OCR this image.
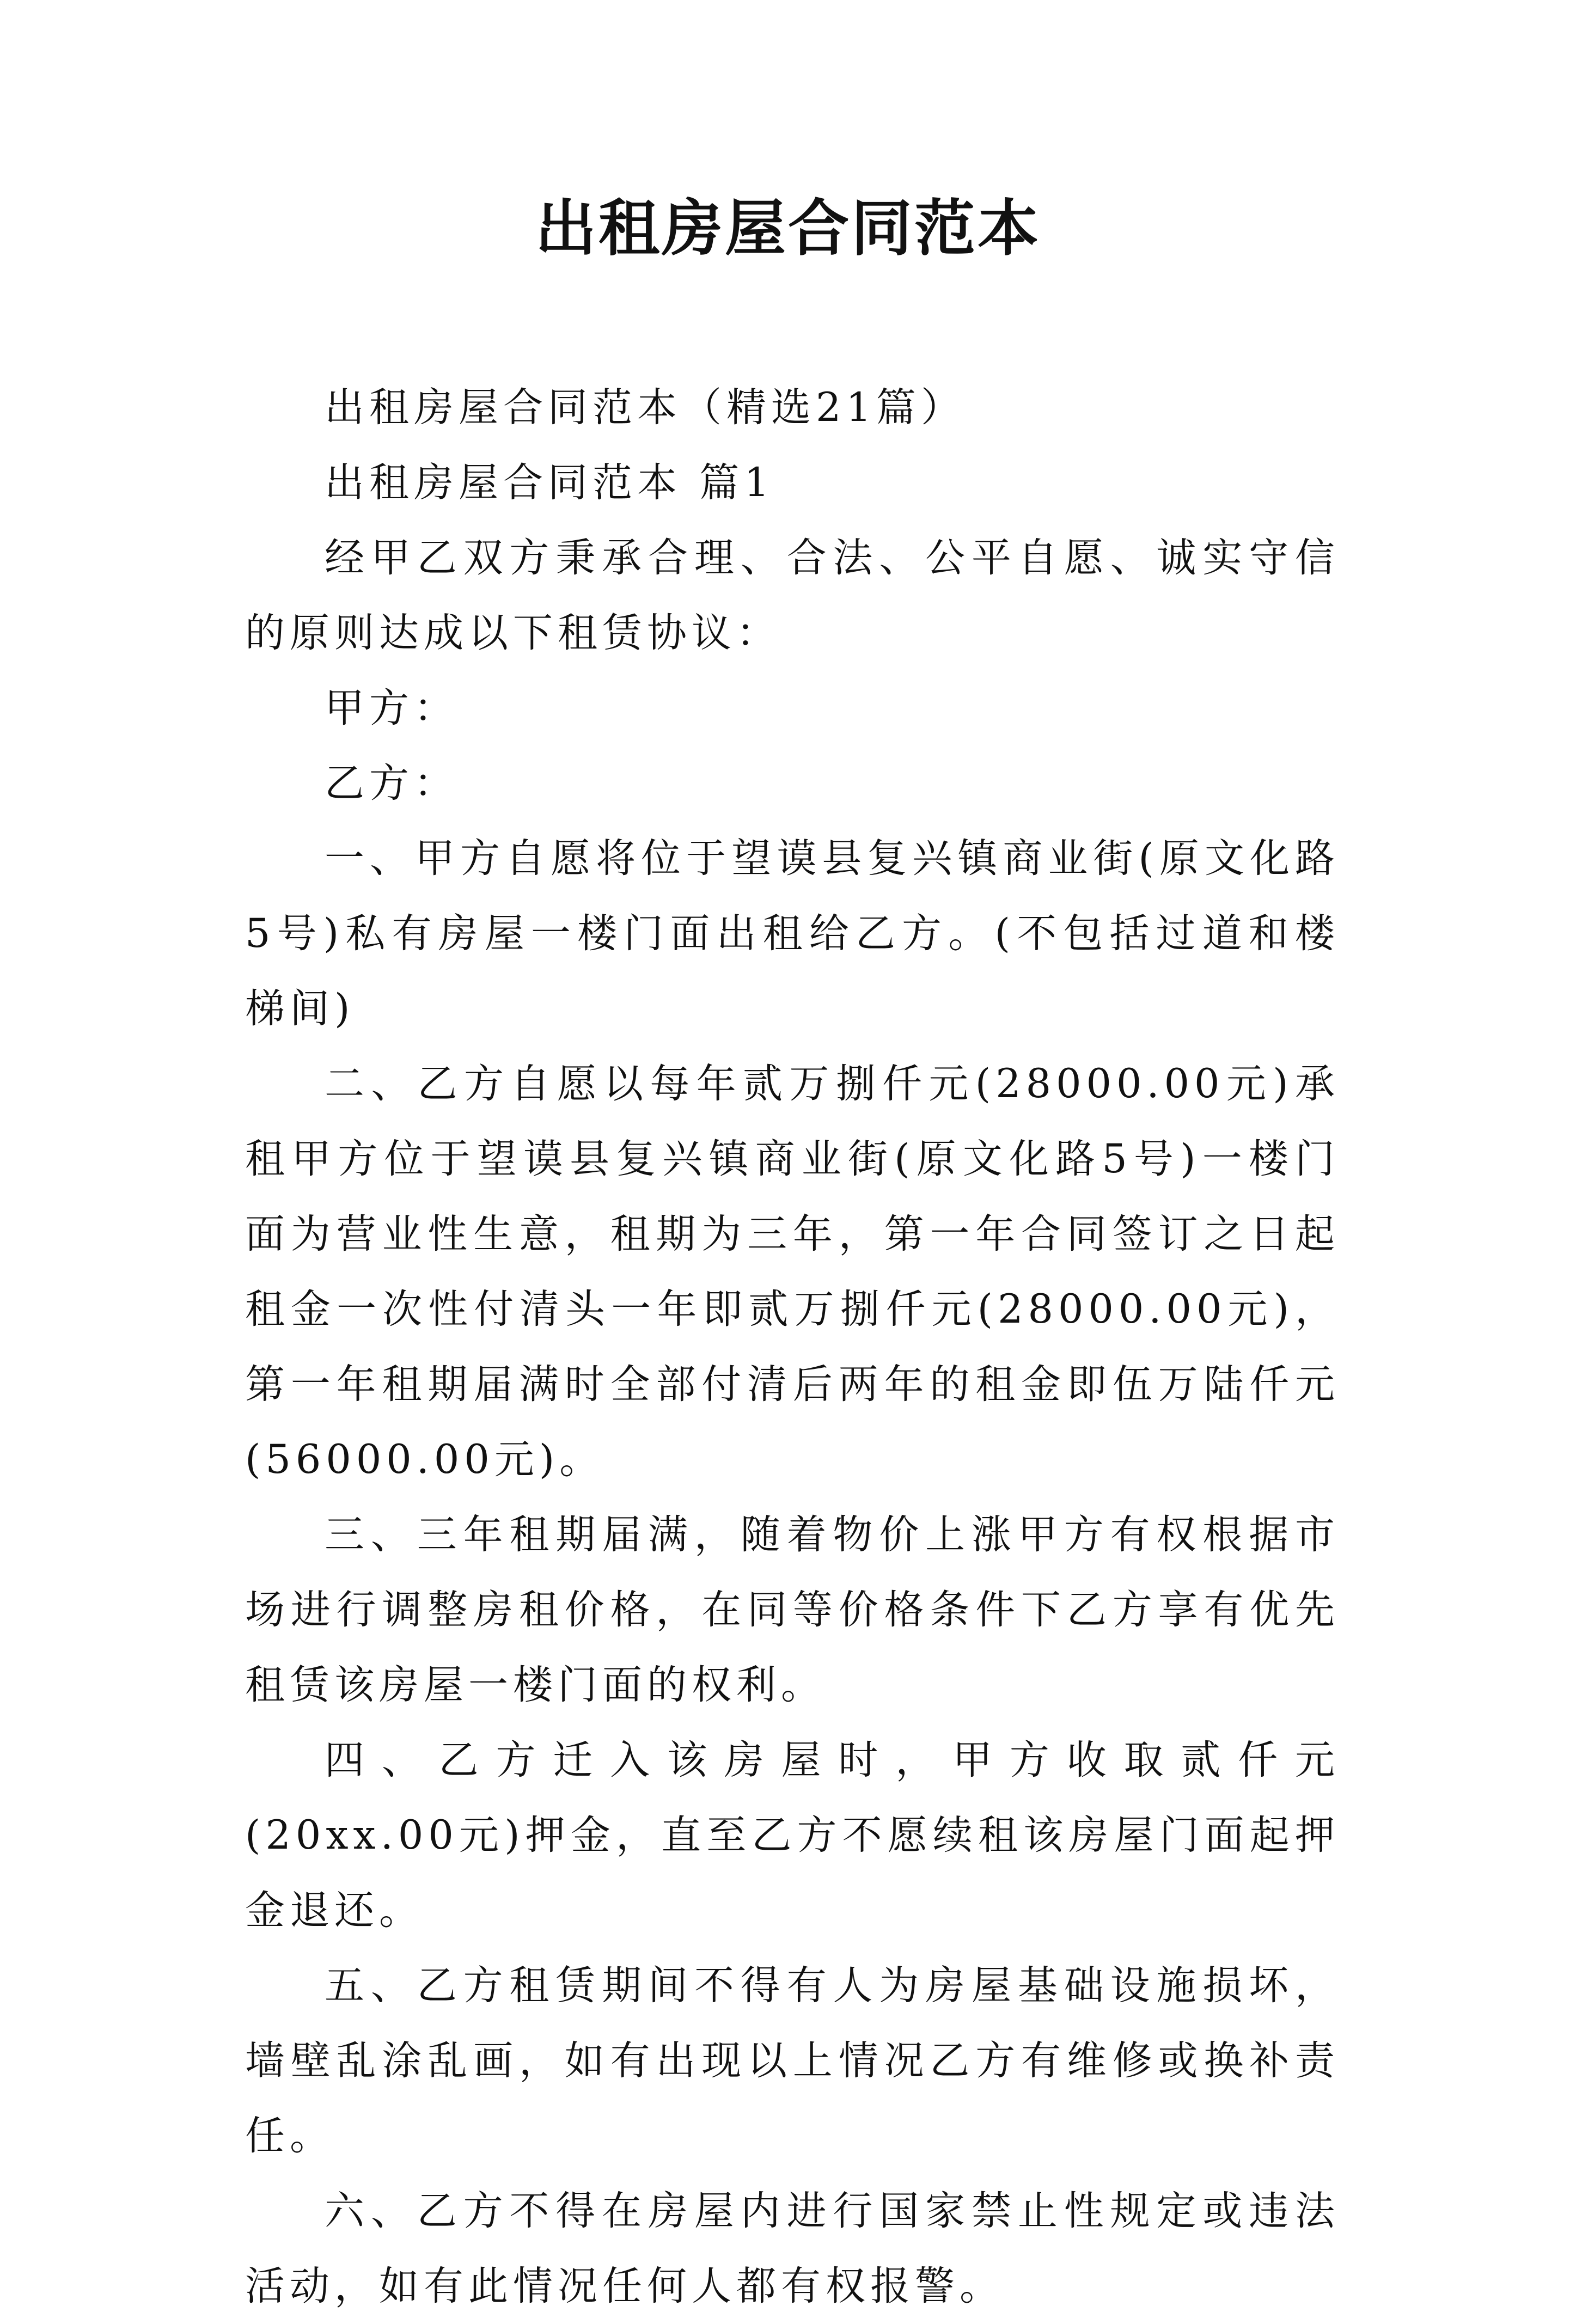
出租房屋合同范本

出租房屋合同范本（精选21篇）

出租房屋合同范本 篇1

经甲乙双方秉承合理、合法、公平自愿、诚实守信的原则达成以下租赁协议：

甲方：

乙方：

一、甲方自愿将位于望谟县复兴镇商业街(原文化路5号)私有房屋一楼门面出租给乙方。(不包括过道和楼梯间)

二、乙方自愿以每年贰万捌仟元(28000.00元)承租甲方位于望谟县复兴镇商业街(原文化路5号)一楼门面为营业性生意，租期为三年，第一年合同签订之日起租金一次性付清头一年即贰万捌仟元(28000.00元)，第一年租期届满时全部付清后两年的租金即伍万陆仟元(56000.00元)。

三、三年租期届满，随着物价上涨甲方有权根据市场进行调整房租价格，在同等价格条件下乙方享有优先租赁该房屋一楼门面的权利。

四、乙方迁入该房屋时，甲方收取贰仟元(20xx.00元)押金，直至乙方不愿续租该房屋门面起押金退还。

五、乙方租赁期间不得有人为房屋基础设施损坏，墙壁乱涂乱画，如有出现以上情况乙方有维修或换补责任。

六、乙方不得在房屋内进行国家禁止性规定或违法活动，如有此情况任何人都有权报警。
